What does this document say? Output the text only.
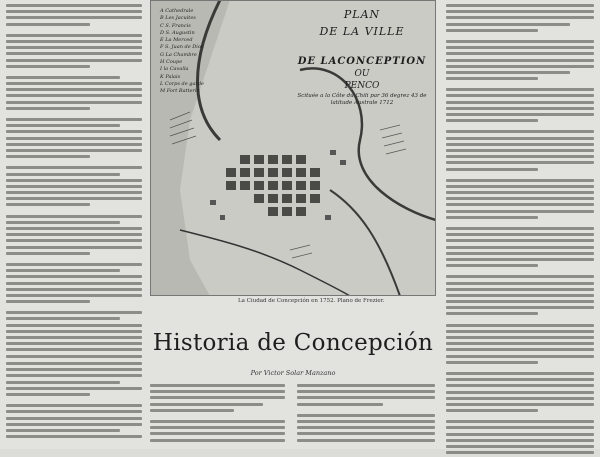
A Cathedrale
B Les Jacuites
C S. Francis
D S. Augustin
E La Merced
F S. Juan de Dios
G La Chambre
H Coupe
I la Cavalla
K Palais
L Corps de garde
M Fort Batterie
PLAN
DE LA VILLE
DE LACONCEPTION
OU
PENCO
Scituée a la Côte du Chili par 36 degrez 43 de latitude Australe 1712
La Ciudad de Concepción en 1752. Plano de Frezier.
Historia de Concepción
Por Victor Solar Manzano
